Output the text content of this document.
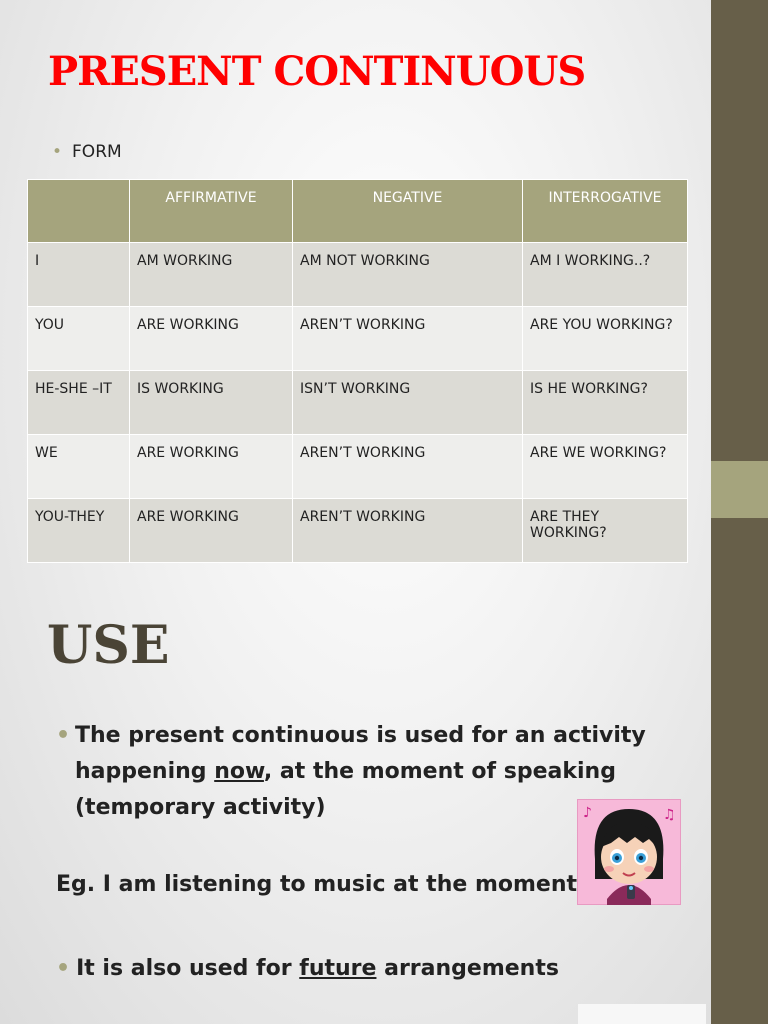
PRESENT CONTINUOUS
• FORM
	AFFIRMATIVE	NEGATIVE	INTERROGATIVE
I	AM WORKING	AM NOT WORKING	AM I WORKING..?
YOU	ARE WORKING	AREN’T WORKING	ARE YOU WORKING?
HE-SHE –IT	IS WORKING	ISN’T WORKING	IS HE WORKING?
WE	ARE WORKING	AREN’T WORKING	ARE WE WORKING?
YOU-THEY	ARE WORKING	AREN’T WORKING	ARE THEY WORKING?
USE
• The present continuous is used for an activity happening now, at the moment of speaking (temporary activity)
Eg. I am listening to music at the moment
♪	♫
• It is also used for future arrangements
